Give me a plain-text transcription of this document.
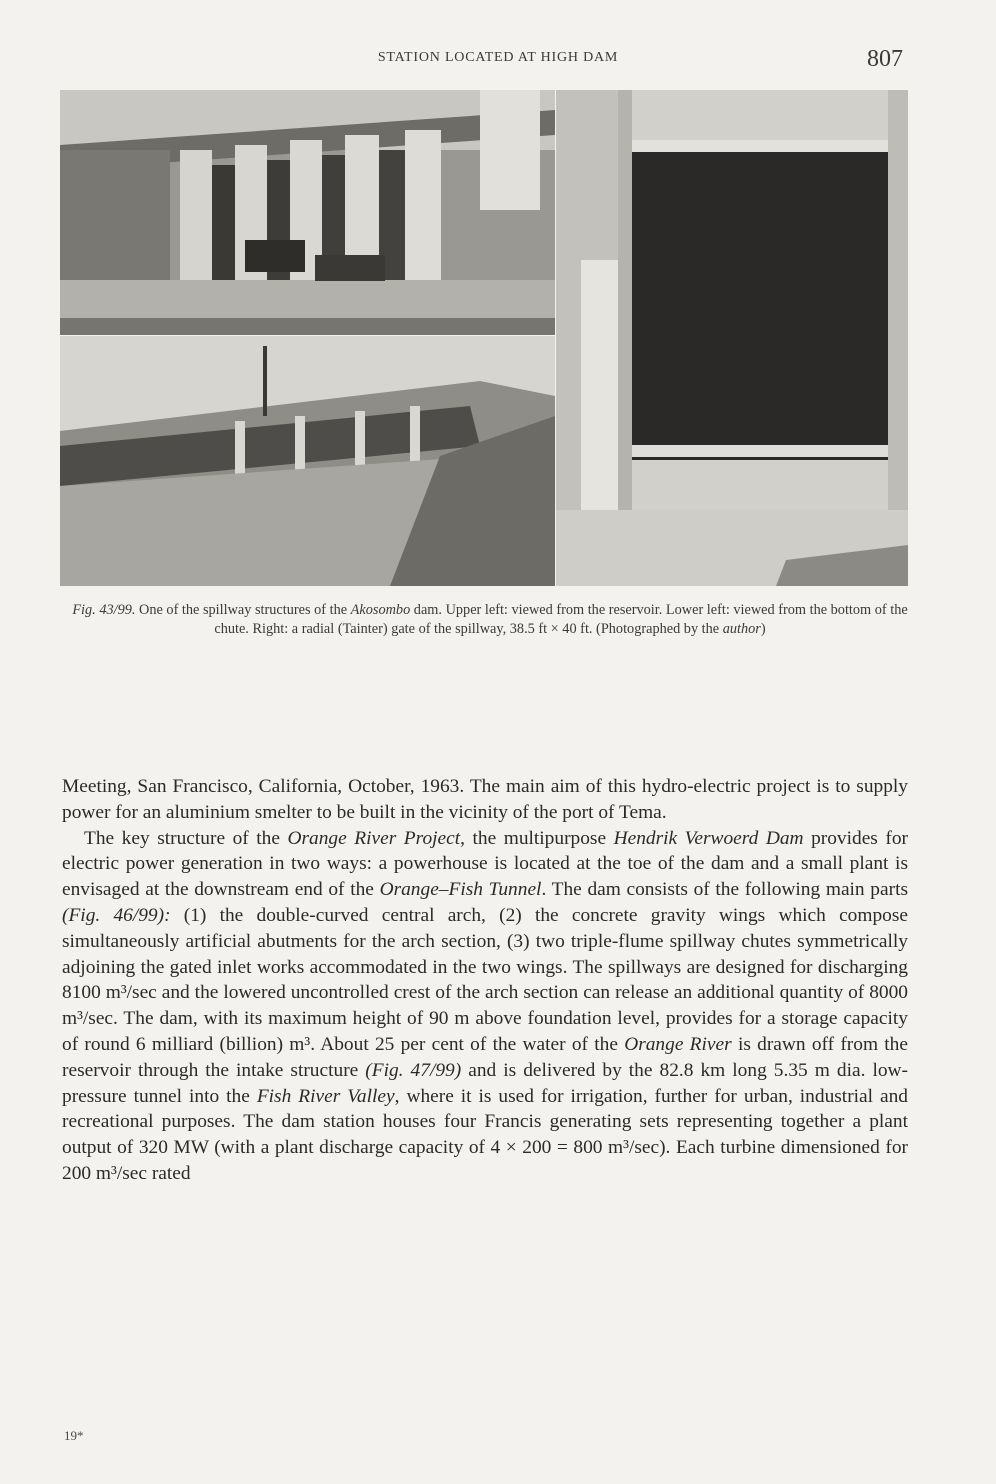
STATION LOCATED AT HIGH DAM	807
Fig. 43/99. One of the spillway structures of the Akosombo dam. Upper left: viewed from the reservoir. Lower left: viewed from the bottom of the chute. Right: a radial (Tainter) gate of the spillway, 38.5 ft × 40 ft. (Photographed by the author)

Meeting, San Francisco, California, October, 1963. The main aim of this hydro-electric project is to supply power for an aluminium smelter to be built in the vicinity of the port of Tema.

The key structure of the Orange River Project, the multipurpose Hendrik Verwoerd Dam provides for electric power generation in two ways: a powerhouse is located at the toe of the dam and a small plant is envisaged at the downstream end of the Orange–Fish Tunnel. The dam consists of the following main parts (Fig. 46/99): (1) the double-curved central arch, (2) the concrete gravity wings which compose simultaneously artificial abutments for the arch section, (3) two triple-flume spillway chutes symmetrically adjoining the gated inlet works accommodated in the two wings. The spillways are designed for discharging 8100 m³/sec and the lowered uncontrolled crest of the arch section can release an additional quantity of 8000 m³/sec. The dam, with its maximum height of 90 m above foundation level, provides for a storage capacity of round 6 milliard (billion) m³. About 25 per cent of the water of the Orange River is drawn off from the reservoir through the intake structure (Fig. 47/99) and is delivered by the 82.8 km long 5.35 m dia. low-pressure tunnel into the Fish River Valley, where it is used for irrigation, further for urban, industrial and recreational purposes. The dam station houses four Francis generating sets representing together a plant output of 320 MW (with a plant discharge capacity of 4 × 200 = 800 m³/sec). Each turbine dimensioned for 200 m³/sec rated

19*
